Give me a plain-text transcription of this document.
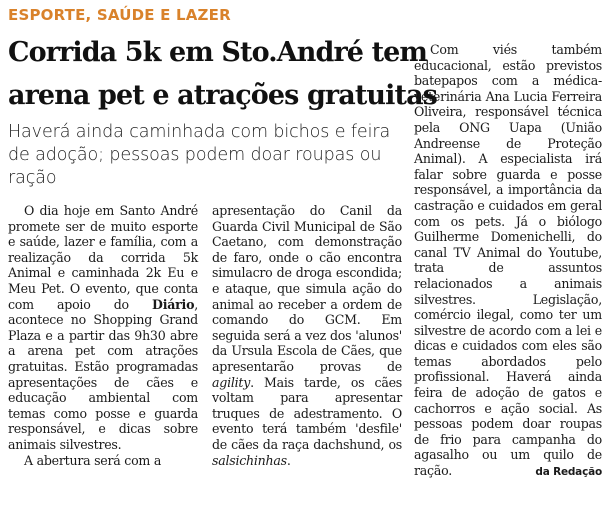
ESPORTE, SAÚDE E LAZER
Corrida 5k em Sto.André tem
arena pet e atrações gratuitas

Haverá ainda caminhada com bichos e feira de adoção; pessoas podem doar roupas ou ração

O dia hoje em Santo André promete ser de muito esporte e saúde, lazer e família, com a realização da corrida 5k Animal e caminhada 2k Eu e Meu Pet. O evento, que conta com apoio do Diário, acontece no Shopping Grand Plaza e a partir das 9h30 abre a arena pet com atrações gratuitas. Estão programadas apresentações de cães e educação ambiental com temas como posse e guarda responsável, e dicas sobre animais silvestres.

A abertura será com a

apresentação do Canil da Guarda Civil Municipal de São Caetano, com demonstração de faro, onde o cão encontra simulacro de droga escondida; e ataque, que simula ação do animal ao receber a ordem de comando do GCM. Em seguida será a vez dos 'alunos' da Ursula Escola de Cães, que apresentarão provas de agility. Mais tarde, os cães voltam para apresentar truques de adestramento. O evento terá também 'desfile' de cães da raça dachshund, os salsichinhas.

Com viés também educacional, estão previstos batepapos com a médica-veterinária Ana Lucia Ferreira Oliveira, responsável técnica pela ONG Uapa (União Andreense de Proteção Animal). A especialista irá falar sobre guarda e posse responsável, a importância da castração e cuidados em geral com os pets. Já o biólogo Guilherme Domenichelli, do canal TV Animal do Youtube, trata de assuntos relacionados a animais silvestres. Legislação, comércio ilegal, como ter um silvestre de acordo com a lei e dicas e cuidados com eles são temas abordados pelo profissional. Haverá ainda feira de adoção de gatos e cachorros e ação social. As pessoas podem doar roupas de frio para campanha do agasalho ou um quilo de ração.	da Redação
